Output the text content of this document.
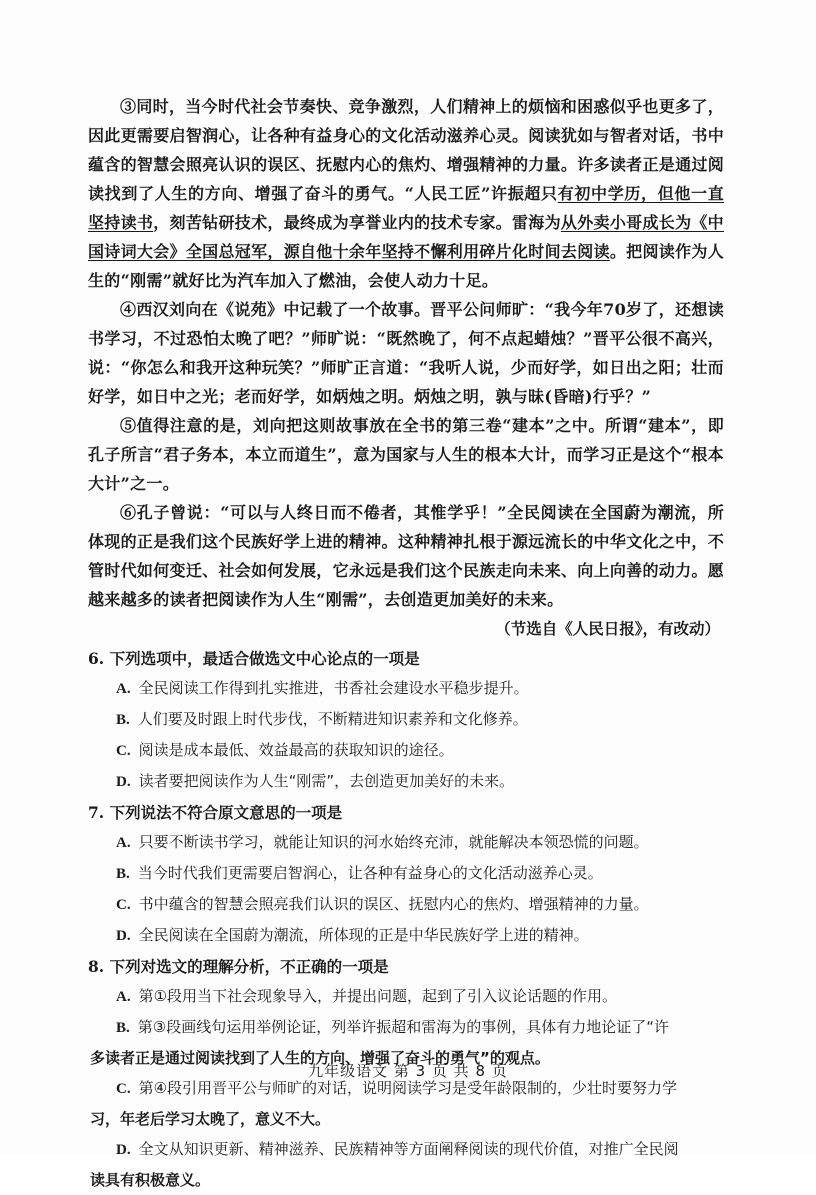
③同时，当今时代社会节奏快、竞争激烈，人们精神上的烦恼和困惑似乎也更多了，因此更需要启智润心，让各种有益身心的文化活动滋养心灵。阅读犹如与智者对话，书中蕴含的智慧会照亮认识的误区、抚慰内心的焦灼、增强精神的力量。许多读者正是通过阅读找到了人生的方向、增强了奋斗的勇气。“人民工匠”许振超只有初中学历，但他一直坚持读书，刻苦钻研技术，最终成为享誉业内的技术专家。雷海为从外卖小哥成长为《中国诗词大会》全国总冠军，源自他十余年坚持不懈利用碎片化时间去阅读。把阅读作为人生的“刚需”就好比为汽车加入了燃油，会使人动力十足。

④西汉刘向在《说苑》中记载了一个故事。晋平公问师旷：“我今年70岁了，还想读书学习，不过恐怕太晚了吧？”师旷说：“既然晚了，何不点起蜡烛？”晋平公很不高兴，说：“你怎么和我开这种玩笑？”师旷正言道：“我听人说，少而好学，如日出之阳；壮而好学，如日中之光；老而好学，如炳烛之明。炳烛之明，孰与昧(昏暗)行乎？”

⑤值得注意的是，刘向把这则故事放在全书的第三卷“建本”之中。所谓“建本”，即孔子所言“君子务本，本立而道生”，意为国家与人生的根本大计，而学习正是这个“根本大计”之一。

⑥孔子曾说：“可以与人终日而不倦者，其惟学乎！”全民阅读在全国蔚为潮流，所体现的正是我们这个民族好学上进的精神。这种精神扎根于源远流长的中华文化之中，不管时代如何变迁、社会如何发展，它永远是我们这个民族走向未来、向上向善的动力。愿越来越多的读者把阅读作为人生“刚需”，去创造更加美好的未来。

（节选自《人民日报》，有改动）

6. 下列选项中，最适合做选文中心论点的一项是

A. 全民阅读工作得到扎实推进，书香社会建设水平稳步提升。

B. 人们要及时跟上时代步伐，不断精进知识素养和文化修养。

C. 阅读是成本最低、效益最高的获取知识的途径。

D. 读者要把阅读作为人生“刚需”，去创造更加美好的未来。

7. 下列说法不符合原文意思的一项是

A. 只要不断读书学习，就能让知识的河水始终充沛，就能解决本领恐慌的问题。

B. 当今时代我们更需要启智润心，让各种有益身心的文化活动滋养心灵。

C. 书中蕴含的智慧会照亮我们认识的误区、抚慰内心的焦灼、增强精神的力量。

D. 全民阅读在全国蔚为潮流，所体现的正是中华民族好学上进的精神。

8. 下列对选文的理解分析，不正确的一项是

A. 第①段用当下社会现象导入，并提出问题，起到了引入议论话题的作用。

B. 第③段画线句运用举例论证，列举许振超和雷海为的事例，具体有力地论证了“许

多读者正是通过阅读找到了人生的方向、增强了奋斗的勇气”的观点。

C. 第④段引用晋平公与师旷的对话，说明阅读学习是受年龄限制的，少壮时要努力学

习，年老后学习太晚了，意义不大。

D. 全文从知识更新、精神滋养、民族精神等方面阐释阅读的现代价值，对推广全民阅

读具有积极意义。

九年级语文 第 3 页 共 8 页
